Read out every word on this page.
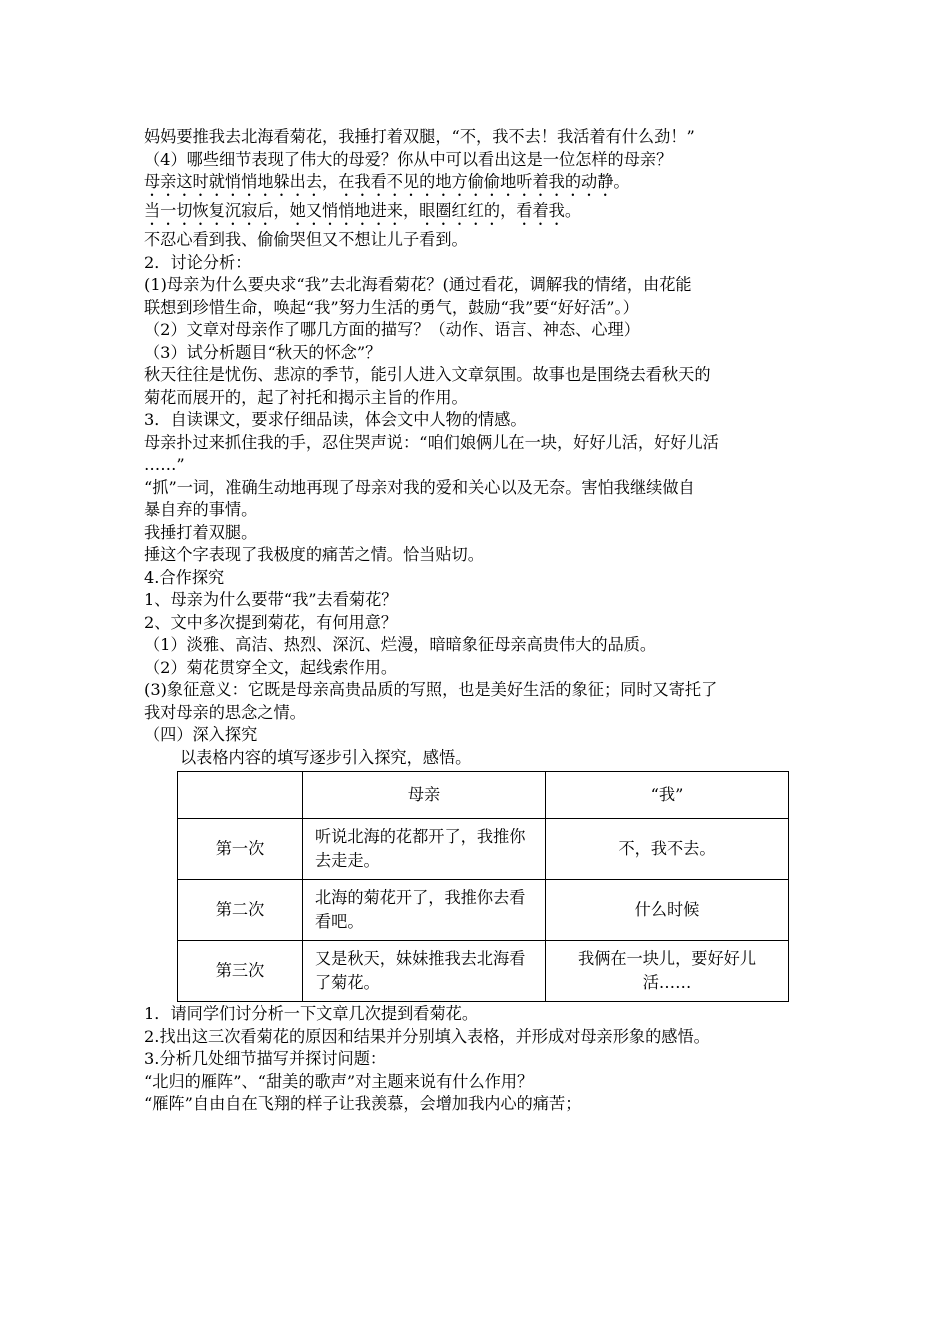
妈妈要推我去北海看菊花，我捶打着双腿，“不，我不去！我活着有什么劲！”
（4）哪些细节表现了伟大的母爱？你从中可以看出这是一位怎样的母亲？
母亲这时就悄悄地躲出去，在我看不见的地方偷偷地听着我的动静。
当一切恢复沉寂后，她又悄悄地进来，眼圈红红的，看着我。
不忍心看到我、偷偷哭但又不想让儿子看到。
2．讨论分析：
(1)母亲为什么要央求“我”去北海看菊花？(通过看花，调解我的情绪，由花能
联想到珍惜生命，唤起“我”努力生活的勇气，鼓励“我”要“好好活”。）
（2）文章对母亲作了哪几方面的描写？（动作、语言、神态、心理）
（3）试分析题目“秋天的怀念”？
秋天往往是忧伤、悲凉的季节，能引人进入文章氛围。故事也是围绕去看秋天的
菊花而展开的，起了衬托和揭示主旨的作用。
3．自读课文，要求仔细品读，体会文中人物的情感。
母亲扑过来抓住我的手，忍住哭声说：“咱们娘俩儿在一块，好好儿活，好好儿活
……”
“抓”一词，准确生动地再现了母亲对我的爱和关心以及无奈。害怕我继续做自
暴自弃的事情。
我捶打着双腿。
捶这个字表现了我极度的痛苦之情。恰当贴切。
4.合作探究
1、母亲为什么要带“我”去看菊花？
2、文中多次提到菊花，有何用意？
（1）淡雅、高洁、热烈、深沉、烂漫，暗暗象征母亲高贵伟大的品质。
（2）菊花贯穿全文，起线索作用。
(3)象征意义：它既是母亲高贵品质的写照，也是美好生活的象征；同时又寄托了
我对母亲的思念之情。
（四）深入探究
以表格内容的填写逐步引入探究，感悟。
	母亲	“我”
第一次	听说北海的花都开了，我推你去走走。	不，我不去。
第二次	北海的菊花开了，我推你去看看吧。	什么时候
第三次	又是秋天，妹妹推我去北海看了菊花。	我俩在一块儿，要好好儿活……
1．请同学们讨分析一下文章几次提到看菊花。
2.找出这三次看菊花的原因和结果并分别填入表格，并形成对母亲形象的感悟。
3.分析几处细节描写并探讨问题：
“北归的雁阵”、“甜美的歌声”对主题来说有什么作用？
“雁阵”自由自在飞翔的样子让我羡慕，会增加我内心的痛苦；
